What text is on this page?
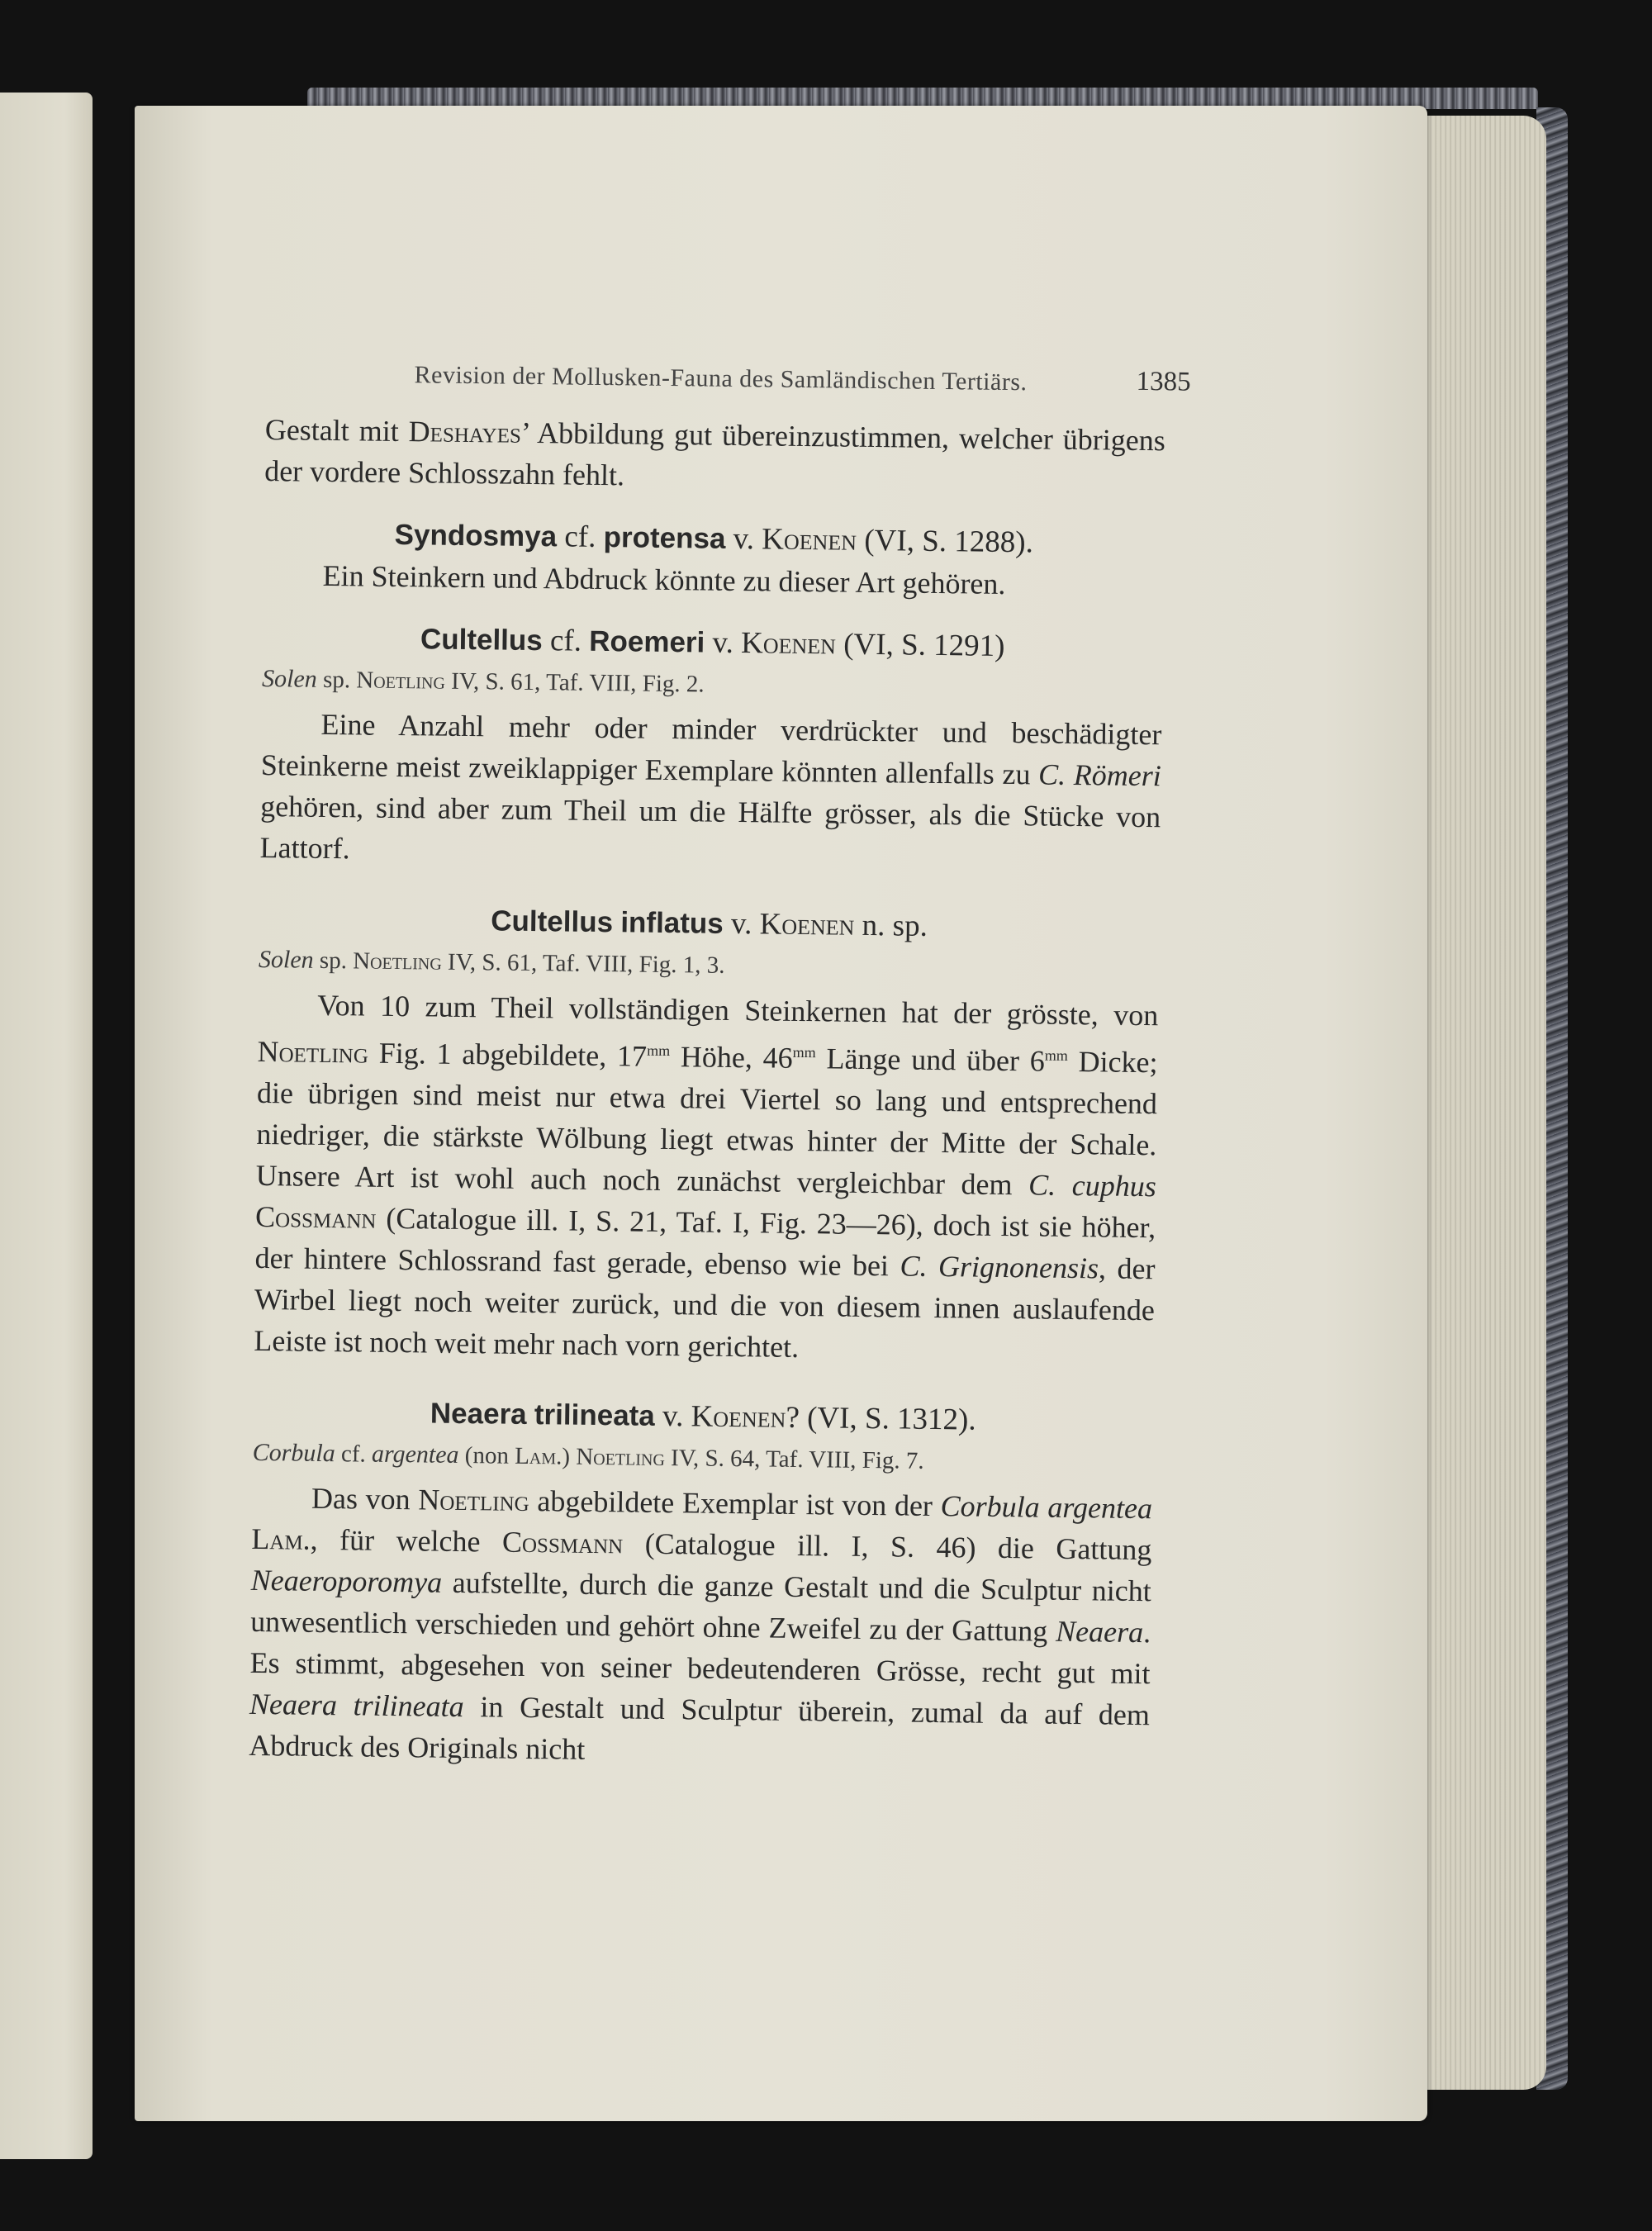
Revision der Mollusken-Fauna des Samländischen Tertiärs.	1385

Gestalt mit Deshayes’ Abbildung gut übereinzustimmen, welcher übrigens der vordere Schlosszahn fehlt.

Syndosmya cf. protensa v. Koenen (VI, S. 1288).

Ein Steinkern und Abdruck könnte zu dieser Art gehören.

Cultellus cf. Roemeri v. Koenen (VI, S. 1291)
Solen sp. Noetling IV, S. 61, Taf. VIII, Fig. 2.

Eine Anzahl mehr oder minder verdrückter und beschädigter Steinkerne meist zweiklappiger Exemplare könnten allenfalls zu C. Römeri gehören, sind aber zum Theil um die Hälfte grösser, als die Stücke von Lattorf.

Cultellus inflatus v. Koenen n. sp.
Solen sp. Noetling IV, S. 61, Taf. VIII, Fig. 1, 3.

Von 10 zum Theil vollständigen Steinkernen hat der grösste, von Noetling Fig. 1 abgebildete, $17^{mm}$ Höhe, $46^{mm}$ Länge und über $6^{mm}$ Dicke; die übrigen sind meist nur etwa drei Viertel so lang und entsprechend niedriger, die stärkste Wölbung liegt etwas hinter der Mitte der Schale. Unsere Art ist wohl auch noch zunächst vergleichbar dem C. cuphus Cossmann (Catalogue ill. I, S. 21, Taf. I, Fig. 23—26), doch ist sie höher, der hintere Schlossrand fast gerade, ebenso wie bei C. Grignonensis, der Wirbel liegt noch weiter zurück, und die von diesem innen auslaufende Leiste ist noch weit mehr nach vorn gerichtet.

Neaera trilineata v. Koenen? (VI, S. 1312).
Corbula cf. argentea (non Lam.) Noetling IV, S. 64, Taf. VIII, Fig. 7.

Das von Noetling abgebildete Exemplar ist von der Corbula argentea Lam., für welche Cossmann (Catalogue ill. I, S. 46) die Gattung Neaeroporomya aufstellte, durch die ganze Gestalt und die Sculptur nicht unwesentlich verschieden und gehört ohne Zweifel zu der Gattung Neaera. Es stimmt, abgesehen von seiner bedeutenderen Grösse, recht gut mit Neaera trilineata in Gestalt und Sculptur überein, zumal da auf dem Abdruck des Originals nicht
